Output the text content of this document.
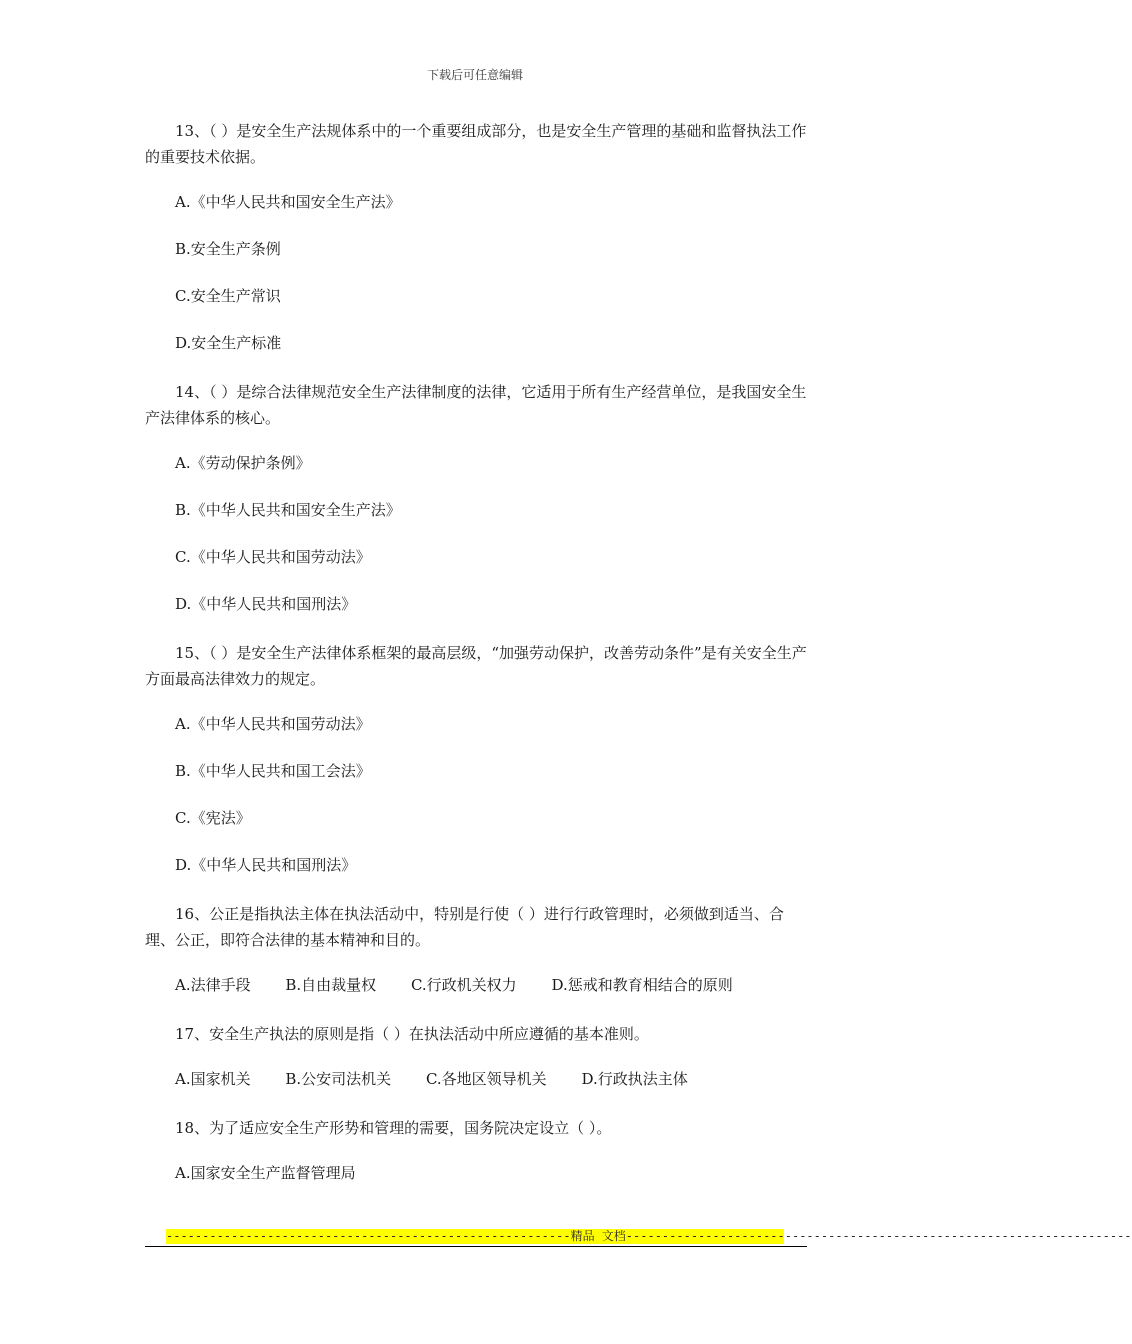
下载后可任意编辑

13、（ ）是安全生产法规体系中的一个重要组成部分，也是安全生产管理的基础和监督执法工作的重要技术依据。

A.《中华人民共和国安全生产法》

B.安全生产条例

C.安全生产常识

D.安全生产标准

14、（ ）是综合法律规范安全生产法律制度的法律，它适用于所有生产经营单位，是我国安全生产法律体系的核心。

A.《劳动保护条例》

B.《中华人民共和国安全生产法》

C.《中华人民共和国劳动法》

D.《中华人民共和国刑法》

15、（ ）是安全生产法律体系框架的最高层级，“加强劳动保护，改善劳动条件”是有关安全生产方面最高法律效力的规定。

A.《中华人民共和国劳动法》

B.《中华人民共和国工会法》

C.《宪法》

D.《中华人民共和国刑法》

16、公正是指执法主体在执法活动中，特别是行使（ ）进行行政管理时，必须做到适当、合理、公正，即符合法律的基本精神和目的。

A.法律手段 B.自由裁量权 C.行政机关权力 D.惩戒和教育相结合的原则

17、安全生产执法的原则是指（ ）在执法活动中所应遵循的基本准则。

A.国家机关 B.公安司法机关 C.各地区领导机关 D.行政执法主体

18、为了适应安全生产形势和管理的需要，国务院决定设立（ ）。

A.国家安全生产监督管理局

--------------------------------------------------------精品 文档----------------------------------------------------------------------
